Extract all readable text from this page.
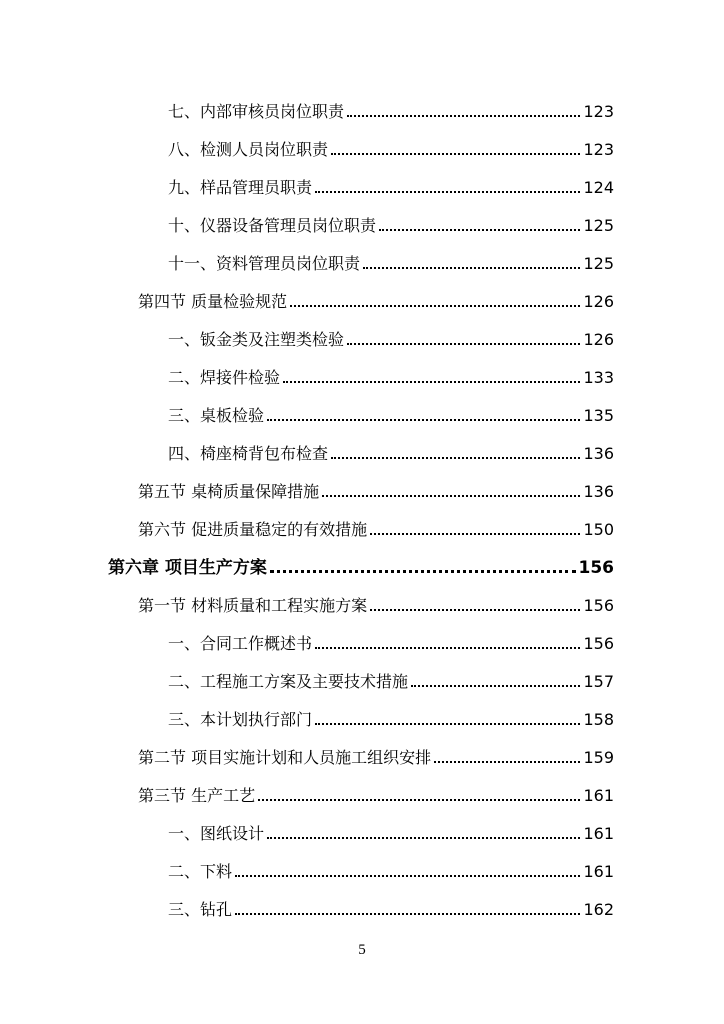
七、内部审核员岗位职责	123
八、检测人员岗位职责	123
九、样品管理员职责	124
十、仪器设备管理员岗位职责	125
十一、资料管理员岗位职责	125
第四节 质量检验规范	126
一、钣金类及注塑类检验	126
二、焊接件检验	133
三、桌板检验	135
四、椅座椅背包布检查	136
第五节 桌椅质量保障措施	136
第六节 促进质量稳定的有效措施	150
第六章 项目生产方案	156
第一节 材料质量和工程实施方案	156
一、合同工作概述书	156
二、工程施工方案及主要技术措施	157
三、本计划执行部门	158
第二节 项目实施计划和人员施工组织安排	159
第三节 生产工艺	161
一、图纸设计	161
二、下料	161
三、钻孔	162
5
